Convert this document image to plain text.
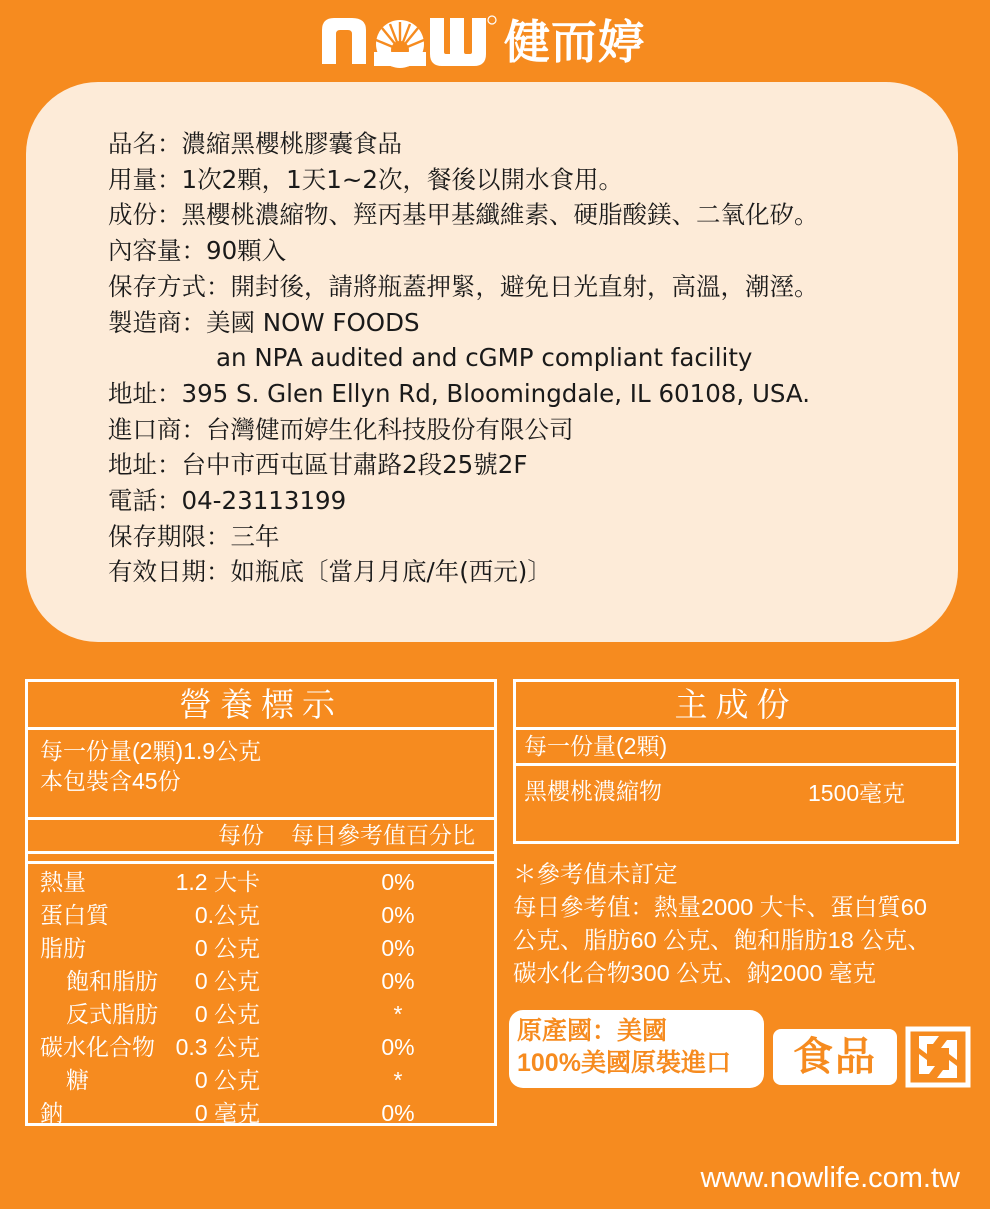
健而婷
品名： 濃縮黑櫻桃膠囊食品
用量： 1次2顆，1天1~2次，餐後以開水食用。
成份： 黑櫻桃濃縮物、羥丙基甲基纖維素、硬脂酸鎂、二氧化矽。
內容量： 90顆入
保存方式： 開封後，請將瓶蓋押緊，避免日光直射，高溫，潮溼。
製造商： 美國 NOW FOODS
an NPA audited and cGMP compliant facility
地址： 395 S. Glen Ellyn Rd, Bloomingdale, IL 60108, USA.
進口商： 台灣健而婷生化科技股份有限公司
地址： 台中市西屯區甘肅路2段25號2F
電話： 04-23113199
保存期限： 三年
有效日期： 如瓶底〔當月月底/年(西元)〕
營養標示
每一份量(2顆)1.9公克
本包裝含45份
每份 每日參考值百分比
熱量	1.2 大卡	0%
蛋白質	0.公克	0%
脂肪	0 公克	0%
飽和脂肪 0 公克	0%
反式脂肪 0 公克	*
碳水化合物 0.3 公克	0%
糖	0 公克	*
鈉	0 毫克	0%
主成份
每一份量(2顆)
黑櫻桃濃縮物	1500毫克
＊參考值未訂定
每日參考值：熱量2000 大卡、蛋白質60
公克、脂肪60 公克、飽和脂肪18 公克、
碳水化合物300 公克、鈉2000 毫克
原產國：美國
100%美國原裝進口	食品
www.nowlife.com.tw
